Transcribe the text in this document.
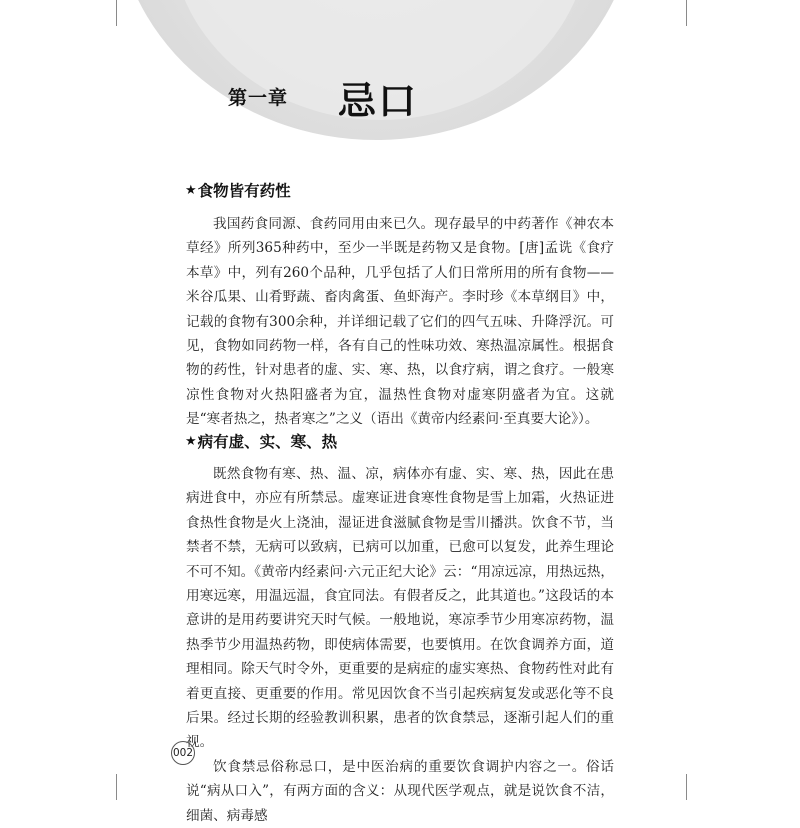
第一章 忌口
★ 食物皆有药性

我国药食同源、食药同用由来已久。现存最早的中药著作《神农本草经》所列365种药中，至少一半既是药物又是食物。[唐]孟诜《食疗本草》中，列有260个品种，几乎包括了人们日常所用的所有食物——米谷瓜果、山肴野蔬、畜肉禽蛋、鱼虾海产。李时珍《本草纲目》中，记载的食物有300余种，并详细记载了它们的四气五味、升降浮沉。可见，食物如同药物一样，各有自己的性味功效、寒热温凉属性。根据食物的药性，针对患者的虚、实、寒、热，以食疗病，谓之食疗。一般寒凉性食物对火热阳盛者为宜，温热性食物对虚寒阴盛者为宜。这就是“寒者热之，热者寒之”之义（语出《黄帝内经素问·至真要大论》）。

★ 病有虚、实、寒、热

既然食物有寒、热、温、凉，病体亦有虚、实、寒、热，因此在患病进食中，亦应有所禁忌。虚寒证进食寒性食物是雪上加霜，火热证进食热性食物是火上浇油，湿证进食滋腻食物是雪川播洪。饮食不节，当禁者不禁，无病可以致病，已病可以加重，已愈可以复发，此养生理论不可不知。《黄帝内经素问·六元正纪大论》云：“用凉远凉，用热远热，用寒远寒，用温远温，食宜同法。有假者反之，此其道也。”这段话的本意讲的是用药要讲究天时气候。一般地说，寒凉季节少用寒凉药物，温热季节少用温热药物，即使病体需要，也要慎用。在饮食调养方面，道理相同。除天气时令外，更重要的是病症的虚实寒热、食物药性对此有着更直接、更重要的作用。常见因饮食不当引起疾病复发或恶化等不良后果。经过长期的经验教训积累，患者的饮食禁忌，逐渐引起人们的重视。

饮食禁忌俗称忌口，是中医治病的重要饮食调护内容之一。俗话说“病从口入”，有两方面的含义：从现代医学观点，就是说饮食不洁，细菌、病毒感

002
